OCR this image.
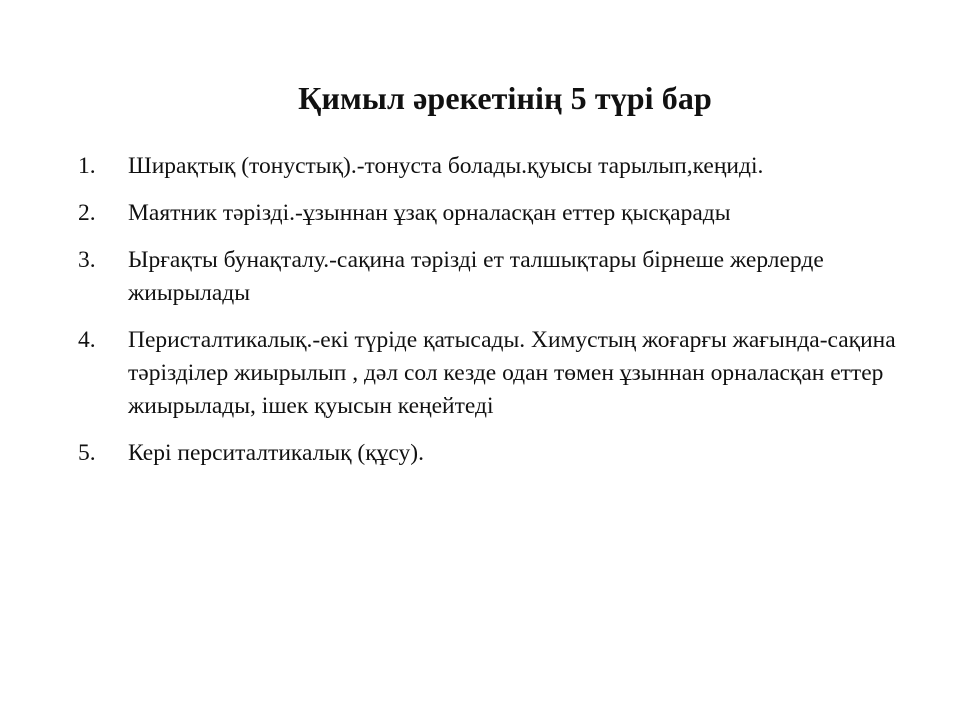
Қимыл әрекетінің 5 түрі бар
1.	Ширақтық (тонустық).-тонуста болады.қуысы тарылып,кеңиді.
2.	Маятник тәрізді.-ұзыннан ұзақ орналасқан еттер қысқарады
3.	Ырғақты бунақталу.-сақина тәрізді ет талшықтары бірнеше жерлерде жиырылады
4.	Перисталтикалық.-екі түріде қатысады. Химустың жоғарғы жағында-сақина тәрізділер жиырылып , дәл сол кезде одан төмен ұзыннан орналасқан еттер жиырылады, ішек қуысын кеңейтеді
5.	Кері перситалтикалық (құсу).
